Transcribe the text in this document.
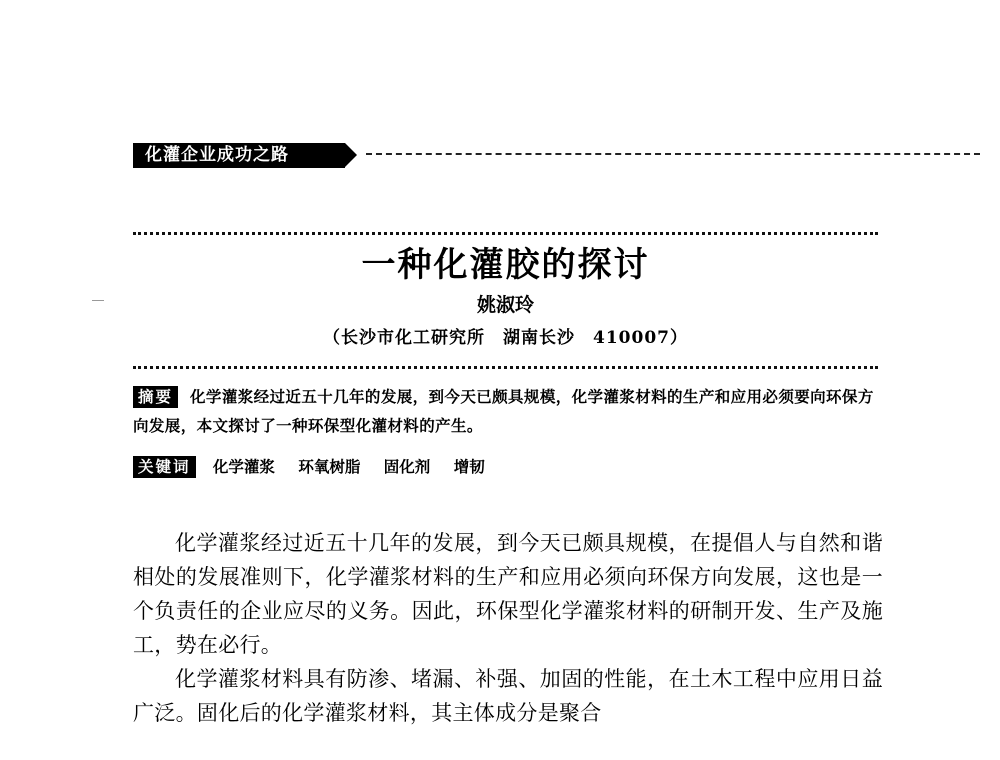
化灌企业成功之路
一种化灌胶的探讨
姚淑玲
（长沙市化工研究所　湖南长沙　410007）
摘要 化学灌浆经过近五十几年的发展，到今天已颇具规模，化学灌浆材料的生产和应用必须要向环保方向发展，本文探讨了一种环保型化灌材料的产生。
关键词 化学灌浆 环氧树脂 固化剂 增韧

化学灌浆经过近五十几年的发展，到今天已颇具规模，在提倡人与自然和谐相处的发展准则下，化学灌浆材料的生产和应用必须向环保方向发展，这也是一个负责任的企业应尽的义务。因此，环保型化学灌浆材料的研制开发、生产及施工，势在必行。

化学灌浆材料具有防渗、堵漏、补强、加固的性能，在土木工程中应用日益广泛。固化后的化学灌浆材料，其主体成分是聚合
